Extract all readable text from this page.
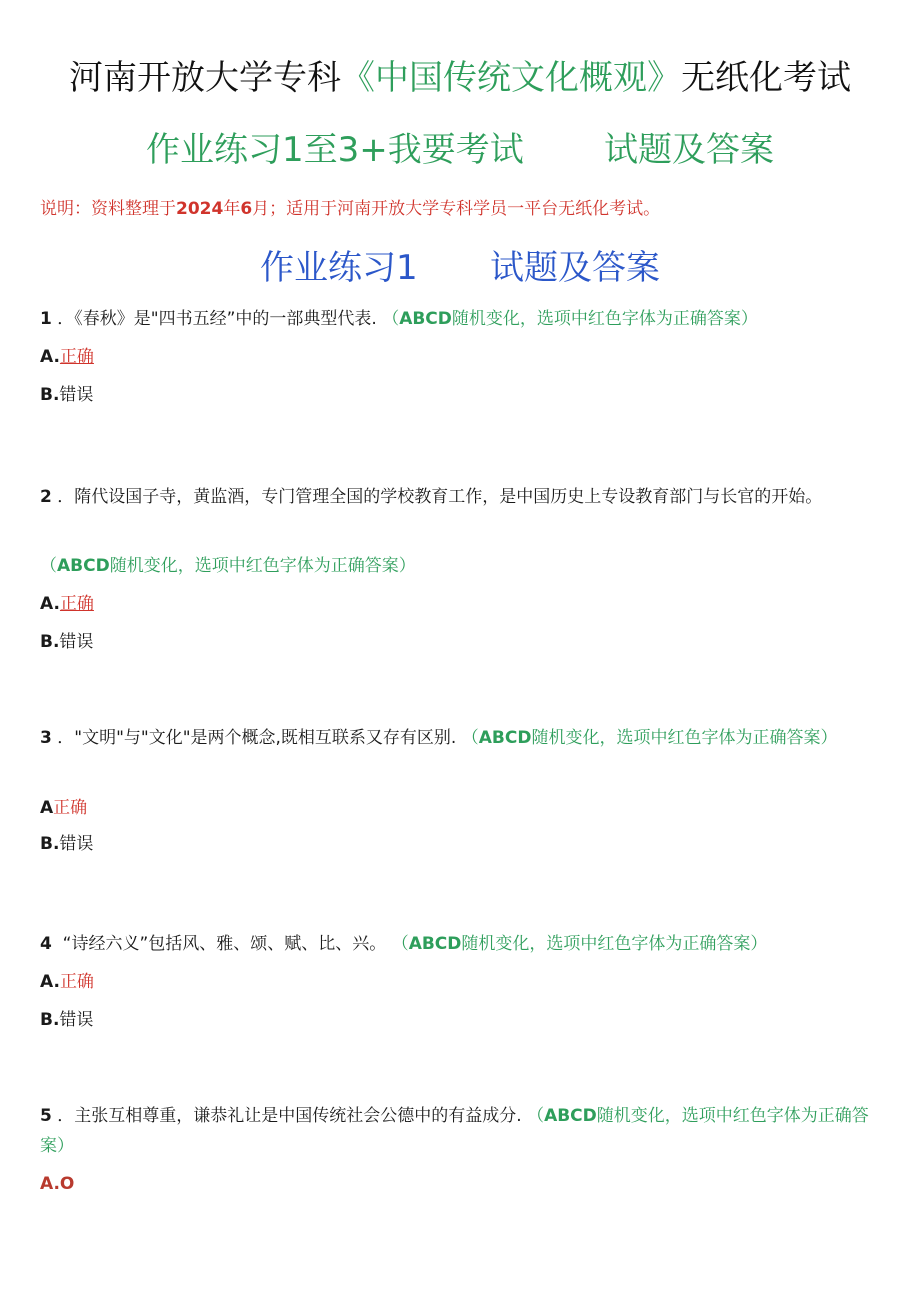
河南开放大学专科《中国传统文化概观》无纸化考试
作业练习1至3+我要考试 试题及答案
说明：资料整理于2024年6月；适用于河南开放大学专科学员一平台无纸化考试。
作业练习1 试题及答案
1 ．《春秋》是"四书五经”中的一部典型代表. （ABCD随机变化，选项中红色字体为正确答案）
A.正确
B.错误
2 ．隋代设国子寺，黄监酒，专门管理全国的学校教育工作，是中国历史上专设教育部门与长官的开始。
（ABCD随机变化，选项中红色字体为正确答案）
A.正确
B.错误
3 ．"文明"与"文化"是两个概念,既相互联系又存有区别. （ABCD随机变化，选项中红色字体为正确答案）
A正确
B.错误
4 “诗经六义”包括风、雅、颂、赋、比、兴。 （ABCD随机变化，选项中红色字体为正确答案）
A.正确
B.错误
5 ．主张互相尊重，谦恭礼让是中国传统社会公德中的有益成分. （ABCD随机变化，选项中红色字体为正确答案）
A.O
